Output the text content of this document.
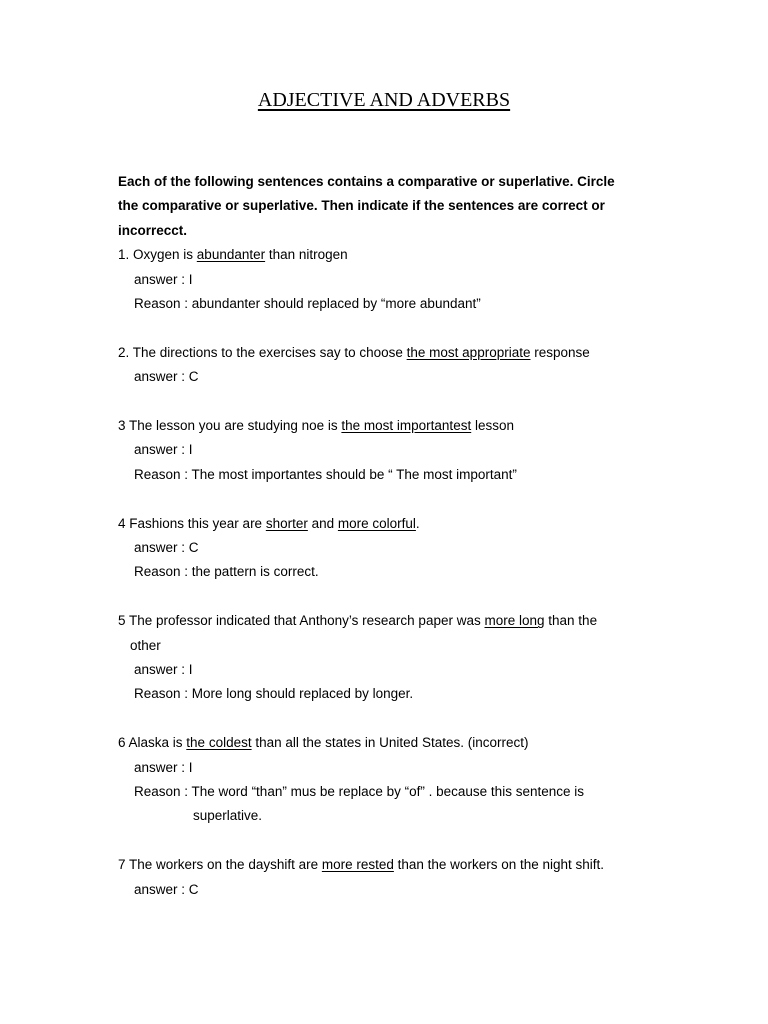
ADJECTIVE AND ADVERBS
Each of the following sentences contains a comparative or superlative. Circle
the comparative or superlative. Then indicate if the sentences are correct or
incorrecct.
1. Oxygen is abundanter than nitrogen
answer : I
Reason : abundanter should replaced by “more abundant”
2. The directions to the exercises say to choose the most appropriate response
answer : C
3 The lesson you are studying noe is the most importantest lesson
answer : I
Reason : The most importantes should be “ The most important”
4 Fashions this year are shorter and more colorful.
answer : C
Reason : the pattern is correct.
5 The professor indicated that Anthony’s research paper was more long than the
other
answer : I
Reason : More long should replaced by longer.
6 Alaska is the coldest than all the states in United States. (incorrect)
answer : I
Reason : The word “than” mus be replace by “of” . because this sentence is
superlative.
7 The workers on the dayshift are more rested than the workers on the night shift.
answer : C
